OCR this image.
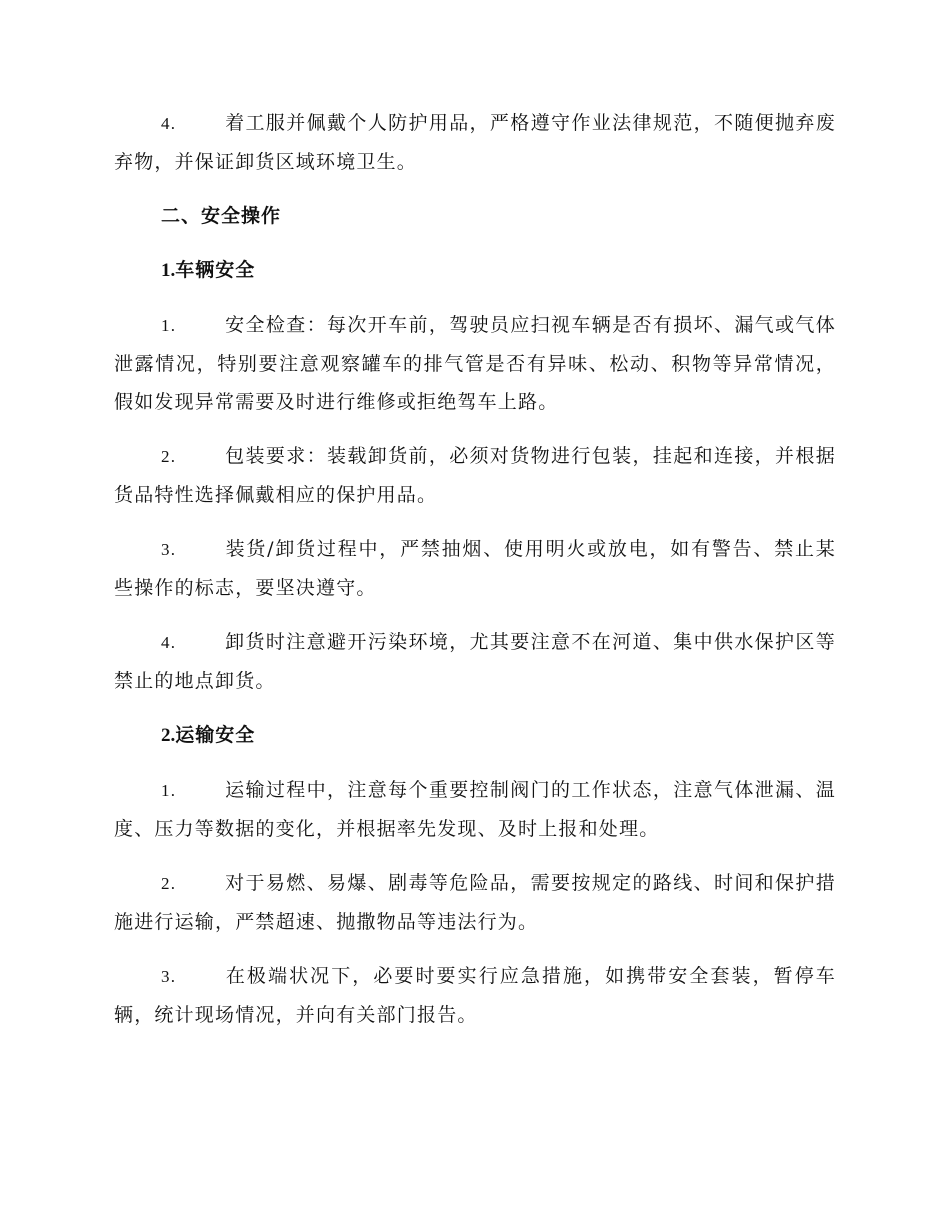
4.	着工服并佩戴个人防护用品，严格遵守作业法律规范，不随便抛弃废弃物，并保证卸货区域环境卫生。

二、安全操作
1.车辆安全

1.	安全检查：每次开车前，驾驶员应扫视车辆是否有损坏、漏气或气体泄露情况，特别要注意观察罐车的排气管是否有异味、松动、积物等异常情况，假如发现异常需要及时进行维修或拒绝驾车上路。

2.	包装要求：装载卸货前，必须对货物进行包装，挂起和连接，并根据货品特性选择佩戴相应的保护用品。

3.	装货/卸货过程中，严禁抽烟、使用明火或放电，如有警告、禁止某些操作的标志，要坚决遵守。

4.	卸货时注意避开污染环境，尤其要注意不在河道、集中供水保护区等禁止的地点卸货。

2.运输安全

1.	运输过程中，注意每个重要控制阀门的工作状态，注意气体泄漏、温度、压力等数据的变化，并根据率先发现、及时上报和处理。

2.	对于易燃、易爆、剧毒等危险品，需要按规定的路线、时间和保护措施进行运输，严禁超速、抛撒物品等违法行为。

3.	在极端状况下，必要时要实行应急措施，如携带安全套装，暂停车辆，统计现场情况，并向有关部门报告。
